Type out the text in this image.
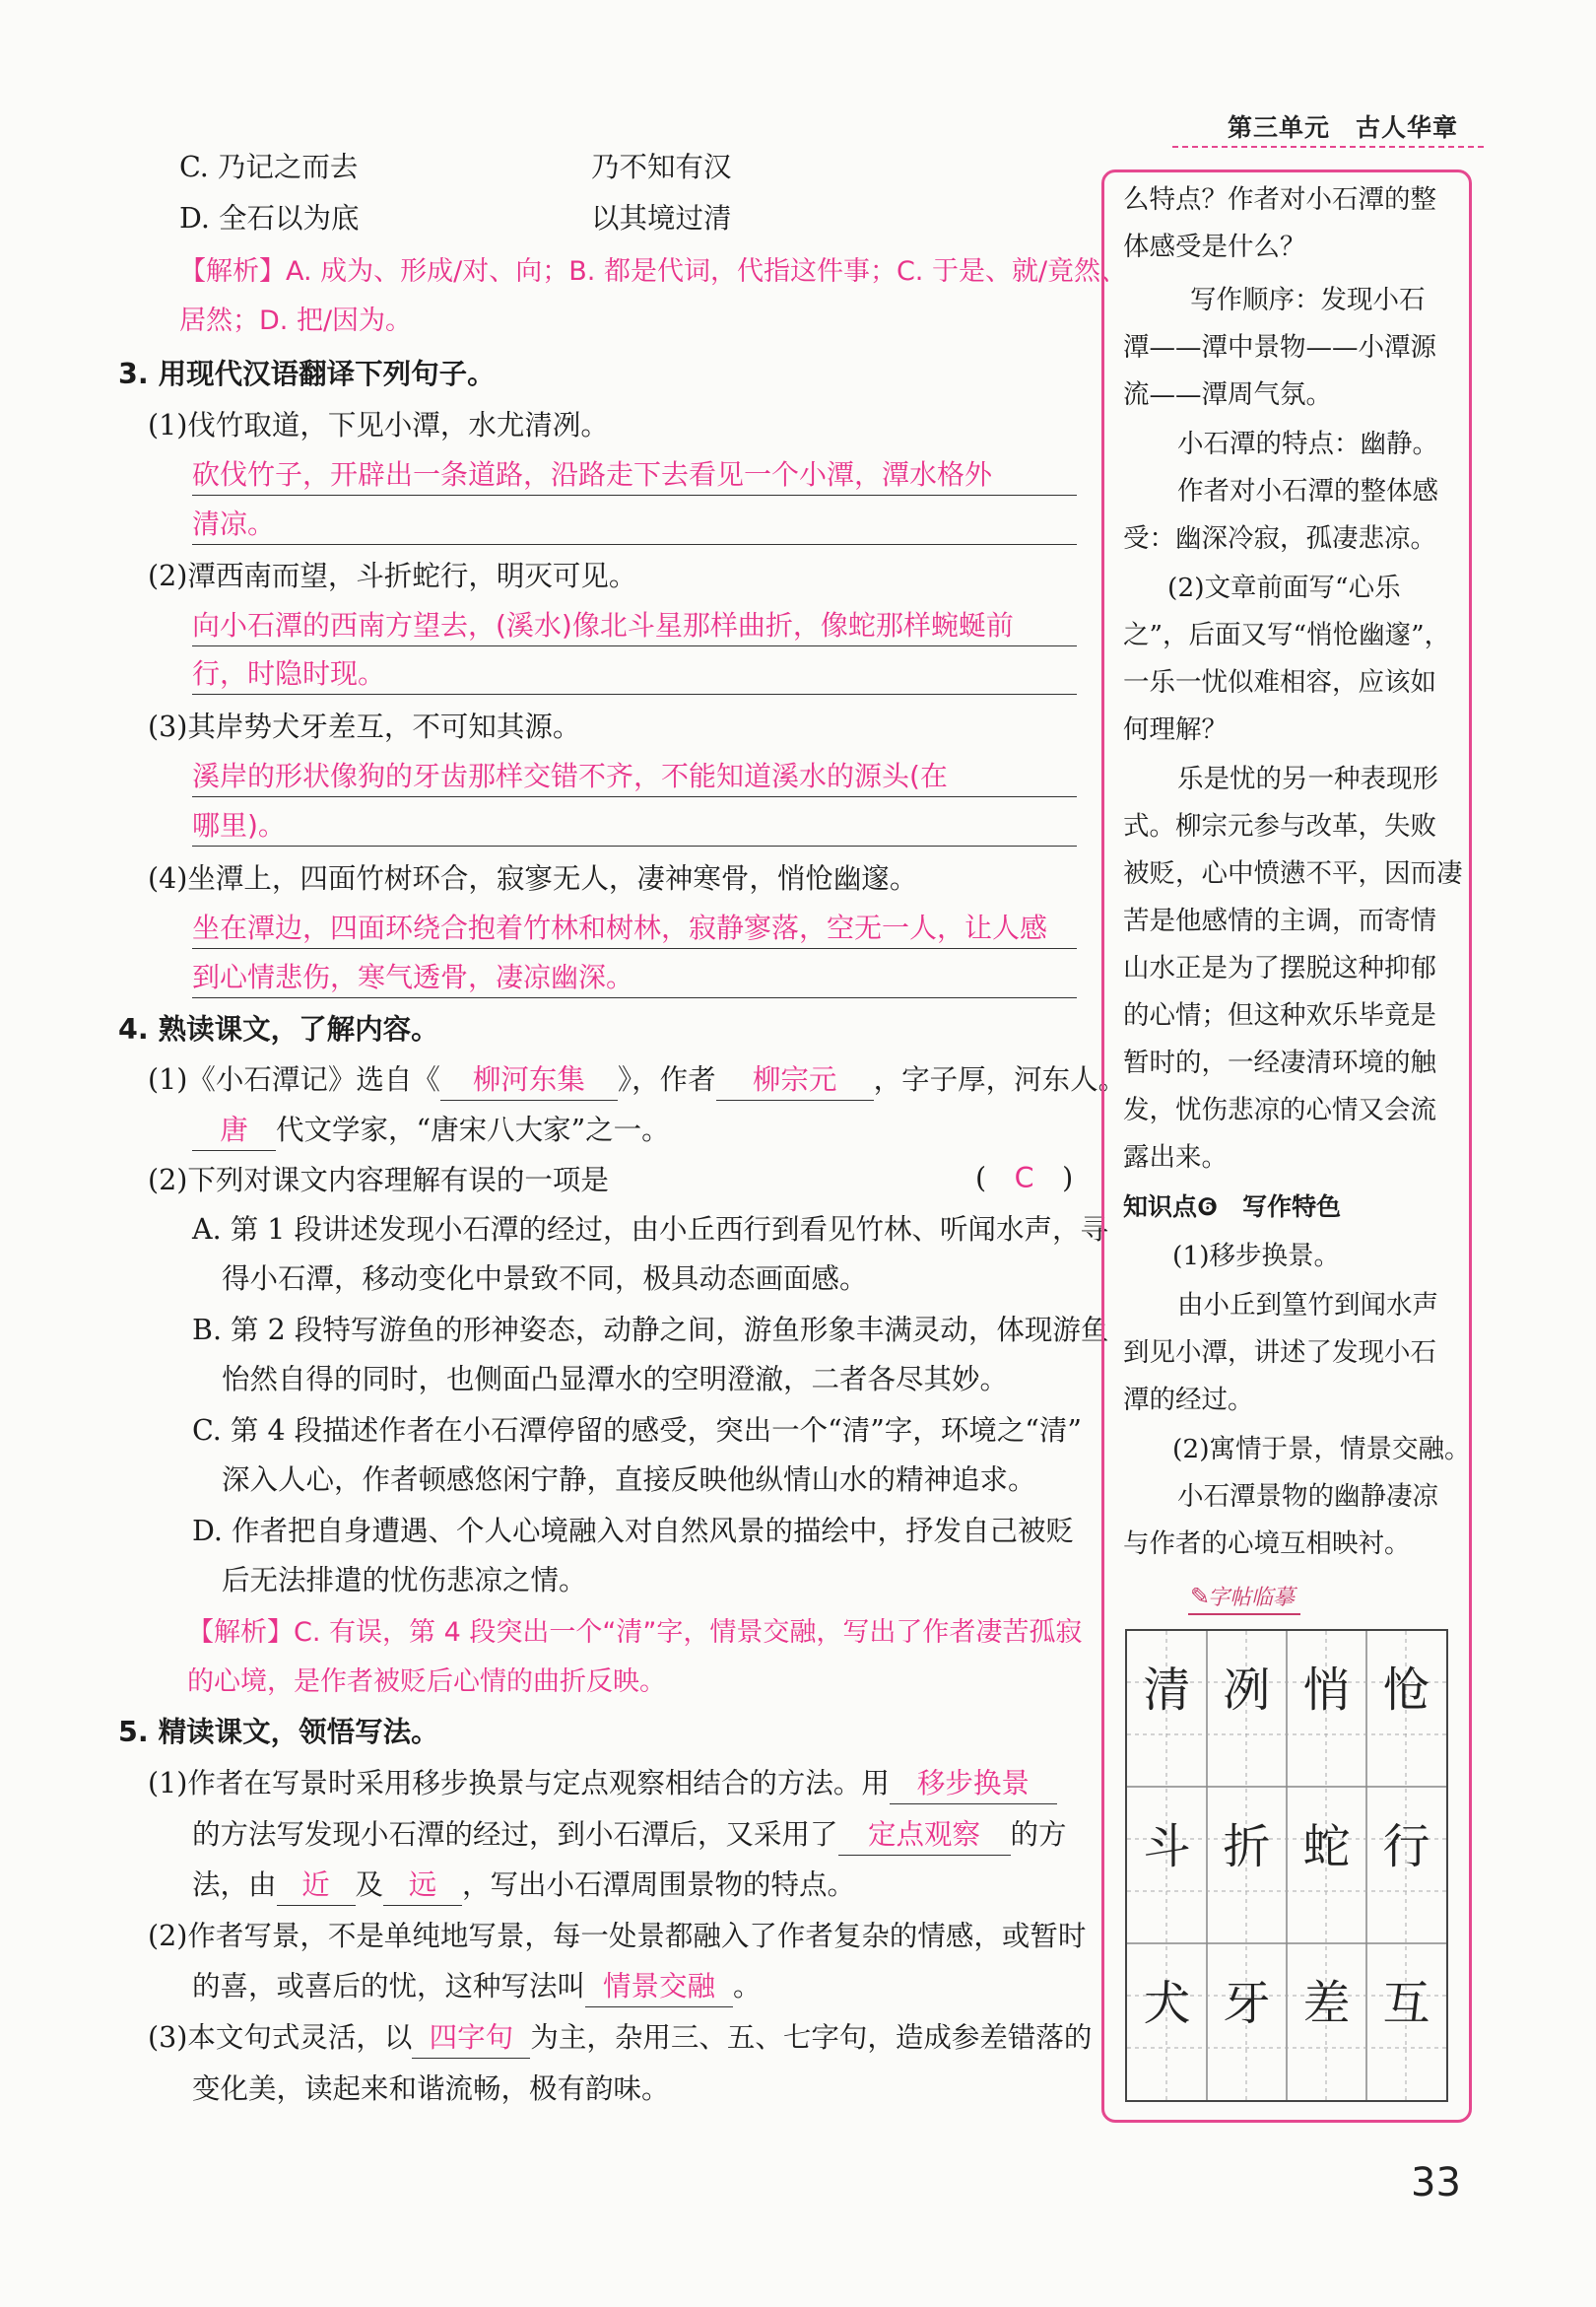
第三单元　 古人华章
C. 乃记之而去	乃不知有汉
D. 全石以为底	以其境过清
【解析】A. 成为、形成/对、向；B. 都是代词，代指这件事；C. 于是、就/竟然、
居然；D. 把/因为。
3. 用现代汉语翻译下列句子。
(1)伐竹取道，下见小潭，水尤清冽。
砍伐竹子，开辟出一条道路，沿路走下去看见一个小潭，潭水格外
清凉。
(2)潭西南而望，斗折蛇行，明灭可见。
向小石潭的西南方望去，(溪水)像北斗星那样曲折，像蛇那样蜿蜒前
行，时隐时现。
(3)其岸势犬牙差互，不可知其源。
溪岸的形状像狗的牙齿那样交错不齐，不能知道溪水的源头(在
哪里)。
(4)坐潭上，四面竹树环合，寂寥无人，凄神寒骨，悄怆幽邃。
坐在潭边，四面环绕合抱着竹林和树林，寂静寥落，空无一人，让人感
到心情悲伤，寒气透骨，凄凉幽深。
4. 熟读课文，了解内容。
(1)《小石潭记》选自《 柳河东集 》，作者 柳宗元 ，字子厚，河东人。
唐 代文学家，“唐宋八大家”之一。
(2)下列对课文内容理解有误的一项是	(　 C　 )
A. 第 1 段讲述发现小石潭的经过，由小丘西行到看见竹林、听闻水声，寻
得小石潭，移动变化中景致不同，极具动态画面感。
B. 第 2 段特写游鱼的形神姿态，动静之间，游鱼形象丰满灵动，体现游鱼
怡然自得的同时，也侧面凸显潭水的空明澄澈，二者各尽其妙。
C. 第 4 段描述作者在小石潭停留的感受，突出一个“清”字，环境之“清”
深入人心，作者顿感悠闲宁静，直接反映他纵情山水的精神追求。
D. 作者把自身遭遇、个人心境融入对自然风景的描绘中，抒发自己被贬
后无法排遣的忧伤悲凉之情。
【解析】C. 有误，第 4 段突出一个“清”字，情景交融，写出了作者凄苦孤寂
的心境，是作者被贬后心情的曲折反映。
5. 精读课文，领悟写法。
(1)作者在写景时采用移步换景与定点观察相结合的方法。用 移步换景
的方法写发现小石潭的经过，到小石潭后，又采用了 定点观察 的方
法，由 近 及 远 ，写出小石潭周围景物的特点。
(2)作者写景，不是单纯地写景，每一处景都融入了作者复杂的情感，或暂时
的喜，或喜后的忧，这种写法叫 情景交融 。
(3)本文句式灵活，以 四字句 为主，杂用三、五、七字句，造成参差错落的
变化美，读起来和谐流畅，极有韵味。
么特点？作者对小石潭的整
体感受是什么？
写作顺序：发现小石
潭——潭中景物——小潭源
流——潭周气氛。
小石潭的特点：幽静。
作者对小石潭的整体感
受：幽深冷寂，孤凄悲凉。
(2)文章前面写“心乐
之”，后面又写“悄怆幽邃”，
一乐一忧似难相容，应该如
何理解？
乐是忧的另一种表现形
式。柳宗元参与改革，失败
被贬，心中愤懑不平，因而凄
苦是他感情的主调，而寄情
山水正是为了摆脱这种抑郁
的心情；但这种欢乐毕竟是
暂时的，一经凄清环境的触
发，忧伤悲凉的心情又会流
露出来。
知识点❻　写作特色
(1)移步换景。
由小丘到篁竹到闻水声
到见小潭，讲述了发现小石
潭的经过。
(2)寓情于景，情景交融。
小石潭景物的幽静凄凉
与作者的心境互相映衬。
字帖临摹
✎
清 冽 悄 怆
斗 折 蛇 行
犬 牙 差 互
33
